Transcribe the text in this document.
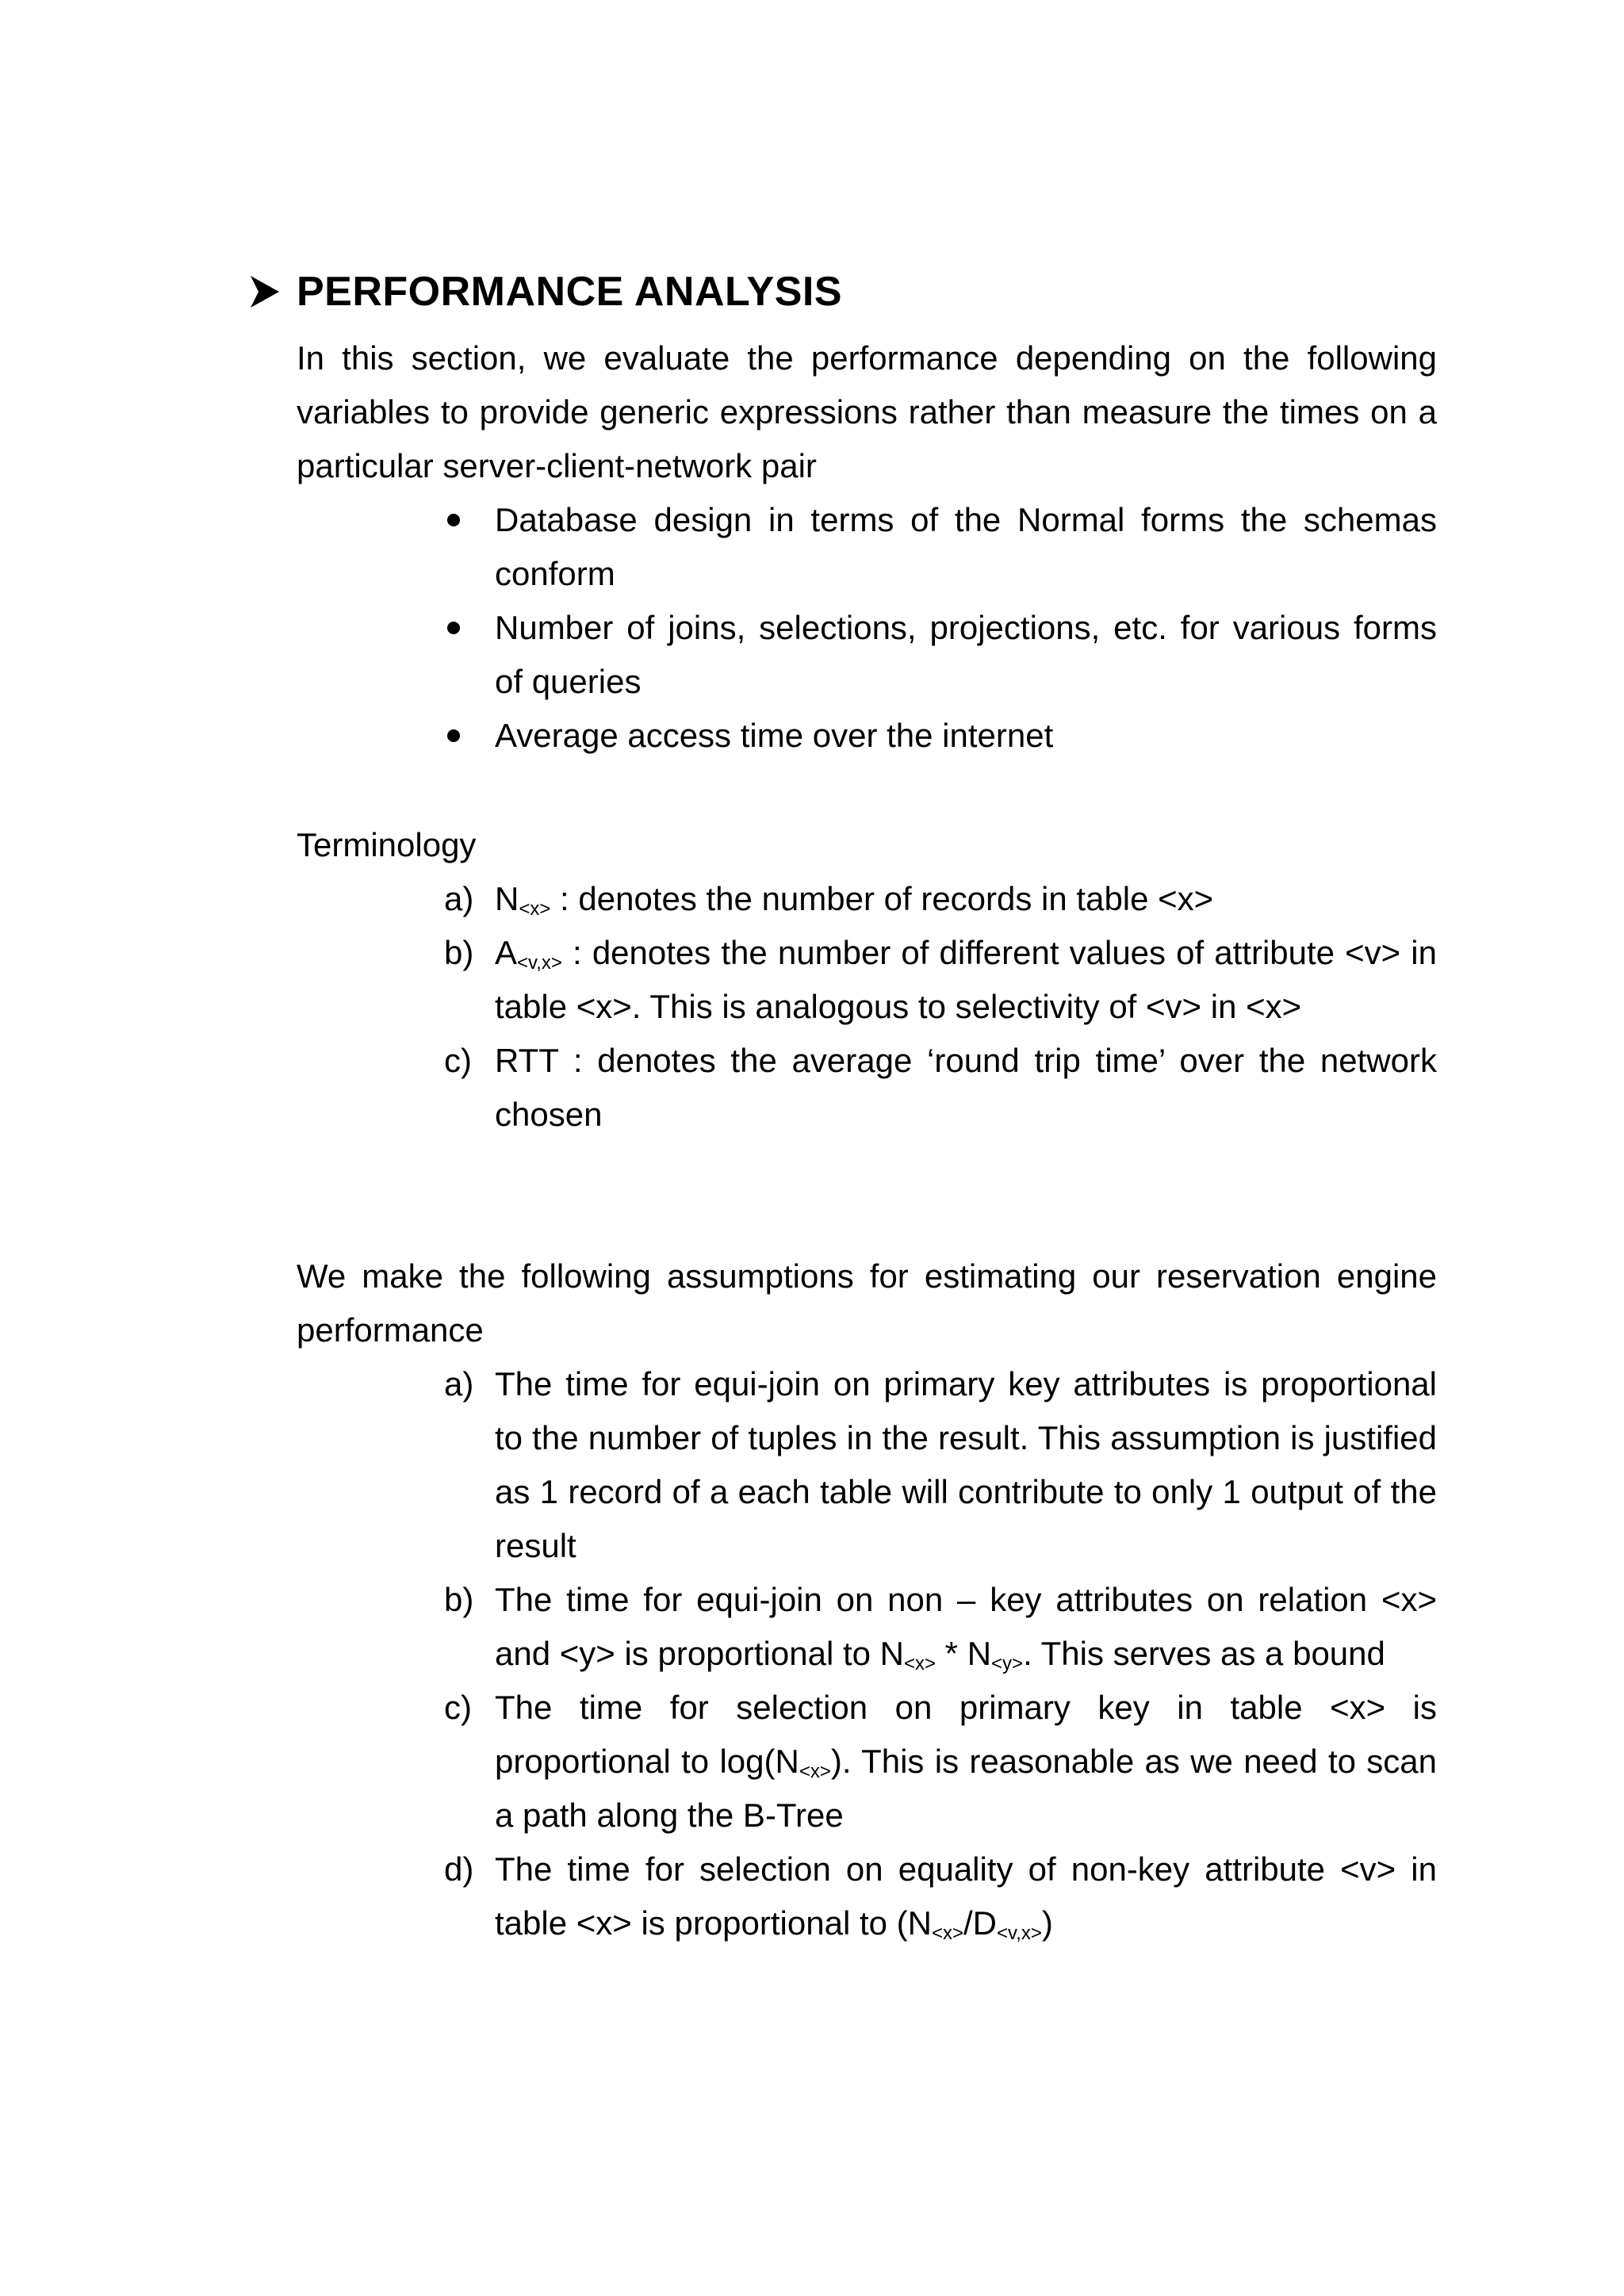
PERFORMANCE ANALYSIS

In this section, we evaluate the performance depending on the following variables to provide generic expressions rather than measure the times on a particular server-client-network pair

Database design in terms of the Normal forms the schemas conform
Number of joins, selections, projections, etc. for various forms of queries
Average access time over the internet

Terminology

a) $N_{<x>}$ : denotes the number of records in table <x>
b) $A_{<v,x>}$ : denotes the number of different values of attribute <v> in table <x>. This is analogous to selectivity of <v> in <x>
c) RTT : denotes the average ‘round trip time’ over the network chosen

We make the following assumptions for estimating our reservation engine performance

a) The time for equi-join on primary key attributes is proportional to the number of tuples in the result. This assumption is justified as 1 record of a each table will contribute to only 1 output of the result
b) The time for equi-join on non – key attributes on relation <x> and <y> is proportional to $N_{<x>} * N_{<y>}$. This serves as a bound
c) The time for selection on primary key in table <x> is proportional to $\log(N_{<x>})$. This is reasonable as we need to scan a path along the B-Tree
d) The time for selection on equality of non-key attribute <v> in table <x> is proportional to $(N_{<x>}/D_{<v,x>})$
